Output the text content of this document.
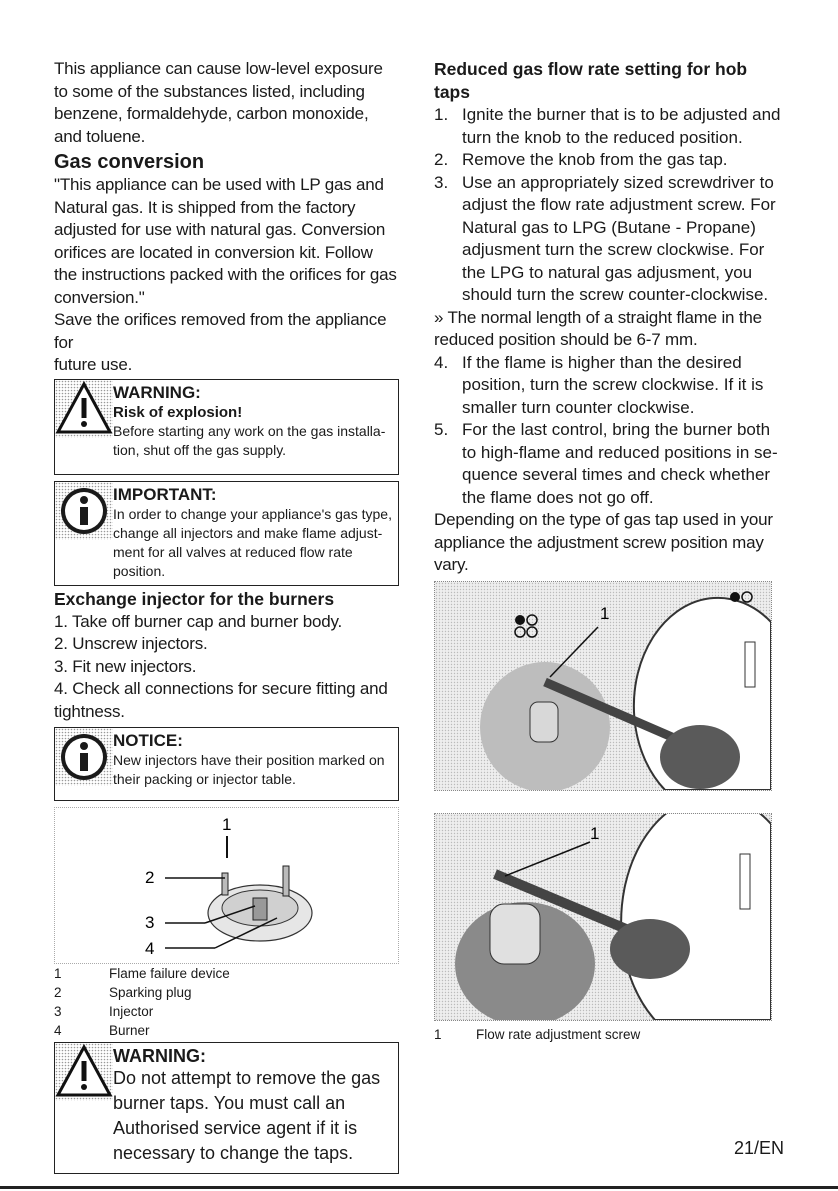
This appliance can cause low-level exposure to some of the substances listed, including benzene, formaldehyde, carbon monoxide, and toluene.

Gas conversion

"This appliance can be used with LP gas and Natural gas. It is shipped from the factory adjusted for use with natural gas. Conversion orifices are located in conversion kit. Follow the instructions packed with the orifices for gas conversion."

Save the orifices removed from the appliance for
future use.

WARNING:
Risk of explosion!
Before starting any work on the gas installa- tion, shut off the gas supply.
IMPORTANT:
In order to change your appliance's gas type, change all injectors and make flame adjust- ment for all valves at reduced flow rate position.
Exchange injector for the burners

1. Take off burner cap and burner body.

2. Unscrew injectors.

3. Fit new injectors.

4. Check all connections for secure fitting and

tightness.

NOTICE:
New injectors have their position marked on their packing or injector table.
1
2
3
4
1	Flame failure device
2	Sparking plug
3	Injector
4	Burner
WARNING:
Do not attempt to remove the gas burner taps. You must call an Authorised service agent if it is necessary to change the taps.
Reduced gas flow rate setting for hob taps
1. Ignite the burner that is to be adjusted and turn the knob to the reduced position.
2. Remove the knob from the gas tap.
3. Use an appropriately sized screwdriver to adjust the flow rate adjustment screw. For Natural gas to LPG (Butane - Propane) adjusment turn the screw clockwise. For the LPG to natural gas adjusment, you should turn the screw counter-clockwise.

» The normal length of a straight flame in the reduced position should be 6-7 mm.

4. If the flame is higher than the desired position, turn the screw clockwise. If it is smaller turn counter clockwise.
5. For the last control, bring the burner both to high-flame and reduced positions in se- quence several times and check whether the flame does not go off.

Depending on the type of gas tap used in your appliance the adjustment screw position may vary.

1
1
1	Flow rate adjustment screw
21/EN
